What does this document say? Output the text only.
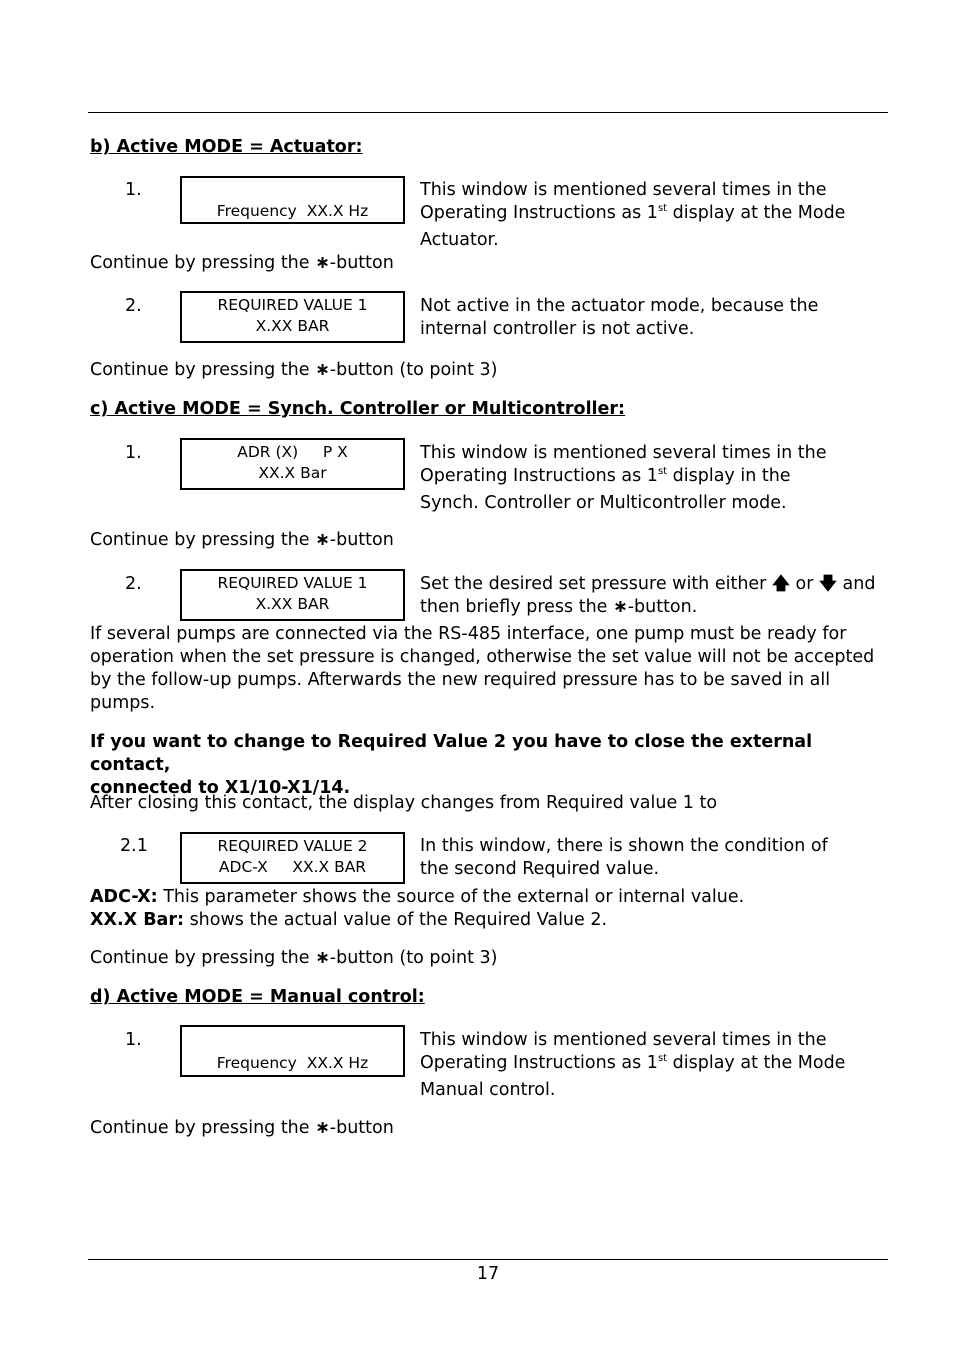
b) Active MODE = Actuator:
1.
Frequency  XX.X Hz
This window is mentioned several times in the
Operating Instructions as 1st display at the Mode
Actuator.
Continue by pressing the ∗-button
2.	REQUIRED VALUE 1
X.XX BAR
Not active in the actuator mode, because the
internal controller is not active.
Continue by pressing the ∗-button (to point 3)
c) Active MODE = Synch. Controller or Multicontroller:
1.	ADR (X)     P X
XX.X Bar
This window is mentioned several times in the
Operating Instructions as 1st display in the
Synch. Controller or Multicontroller mode.
Continue by pressing the ∗-button
2.	REQUIRED VALUE 1
X.XX BAR
Set the desired set pressure with either 🡅 or 🡇 and
then briefly press the ∗-button.
If several pumps are connected via the RS-485 interface, one pump must be ready for
operation when the set pressure is changed, otherwise the set value will not be accepted
by the follow-up pumps. Afterwards the new required pressure has to be saved in all
pumps.
If you want to change to Required Value 2 you have to close the external contact,
connected to X1/10-X1/14.
After closing this contact, the display changes from Required value 1 to
2.1	REQUIRED VALUE 2
ADC-X     XX.X BAR
In this window, there is shown the condition of
the second Required value.
ADC-X: This parameter shows the source of the external or internal value.
XX.X Bar: shows the actual value of the Required Value 2.
Continue by pressing the ∗-button (to point 3)
d) Active MODE = Manual control:
1.
Frequency  XX.X Hz
This window is mentioned several times in the
Operating Instructions as 1st display at the Mode
Manual control.
Continue by pressing the ∗-button
17
